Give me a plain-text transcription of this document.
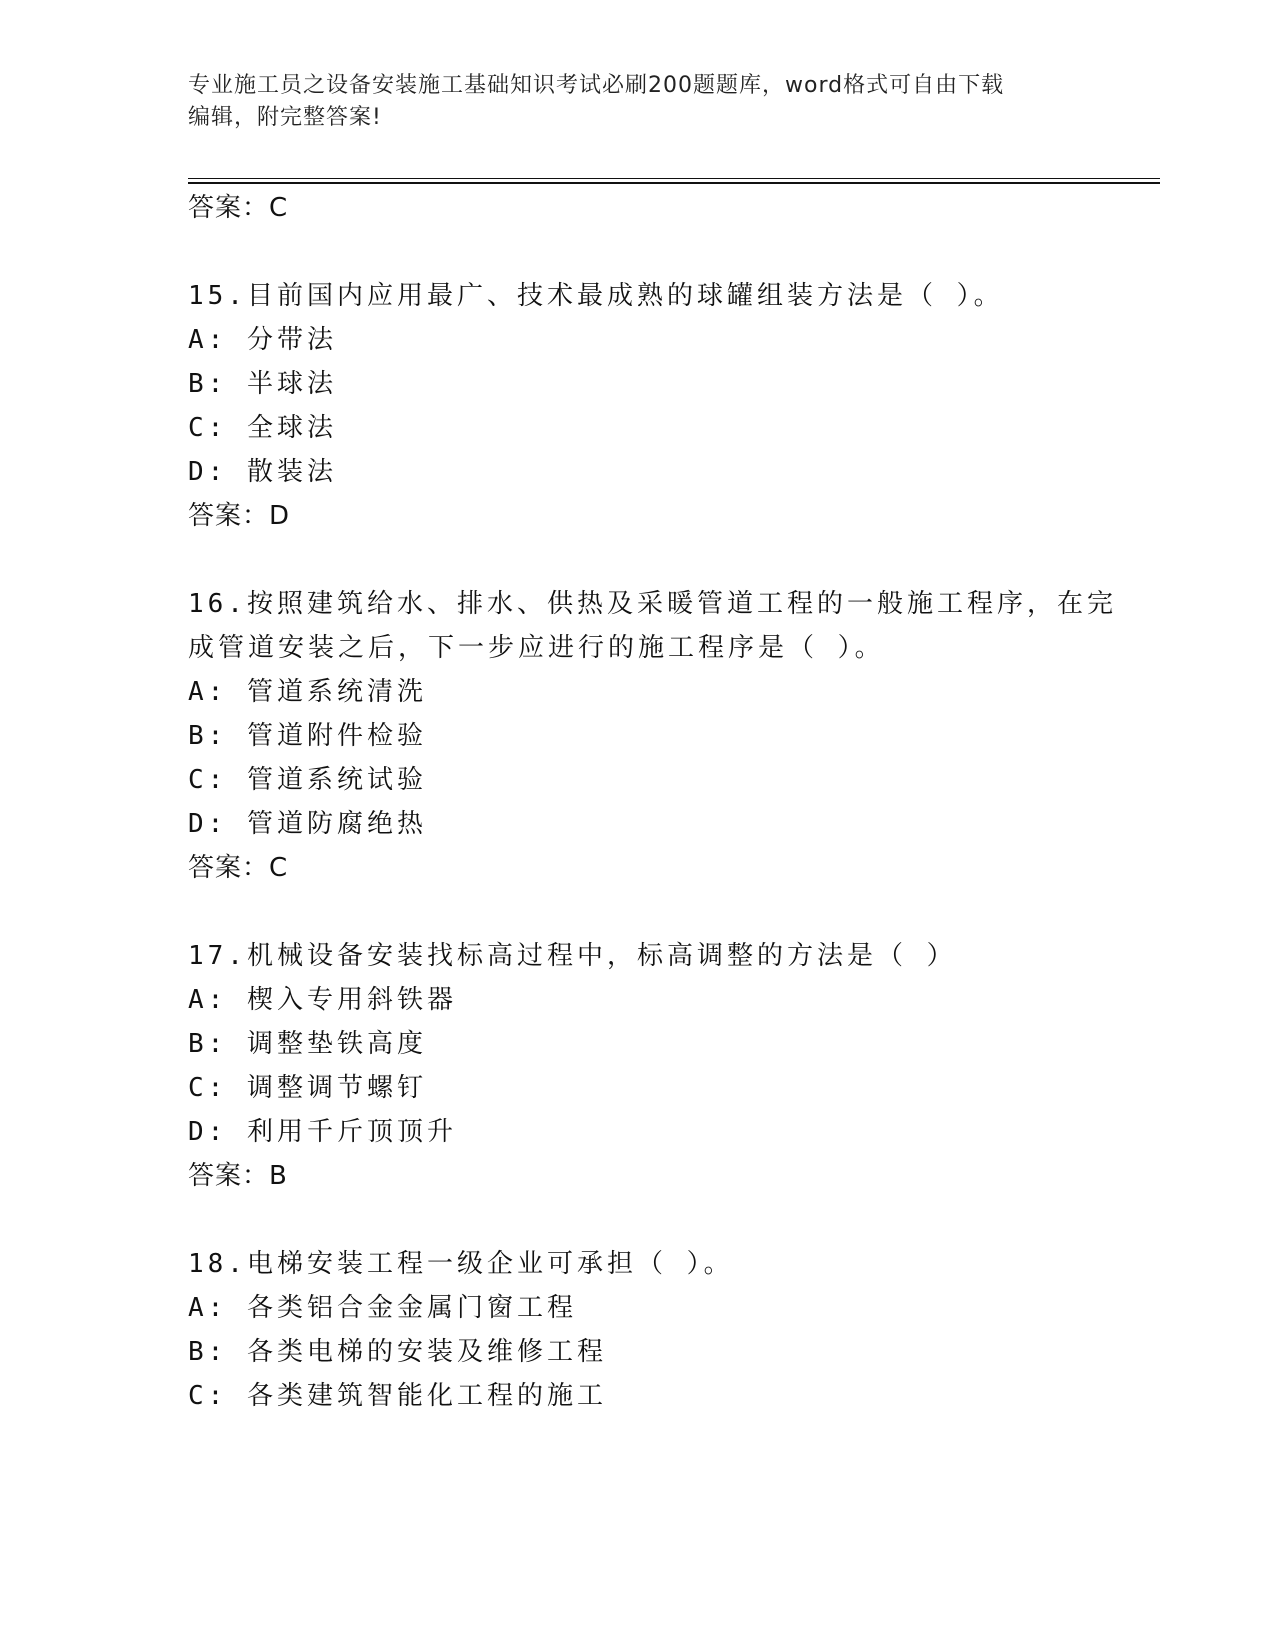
专业施工员之设备安装施工基础知识考试必刷200题题库，word格式可自由下载
编辑，附完整答案!
答案：C
15.目前国内应用最广、技术最成熟的球罐组装方法是（ ）。
A: 分带法
B: 半球法
C: 全球法
D: 散装法
答案：D
16.按照建筑给水、排水、供热及采暖管道工程的一般施工程序，在完
成管道安装之后，下一步应进行的施工程序是（ ）。
A: 管道系统清洗
B: 管道附件检验
C: 管道系统试验
D: 管道防腐绝热
答案：C
17.机械设备安装找标高过程中，标高调整的方法是（ ）
A: 楔入专用斜铁器
B: 调整垫铁高度
C: 调整调节螺钉
D: 利用千斤顶顶升
答案：B
18.电梯安装工程一级企业可承担（ ）。
A: 各类铝合金金属门窗工程
B: 各类电梯的安装及维修工程
C: 各类建筑智能化工程的施工
